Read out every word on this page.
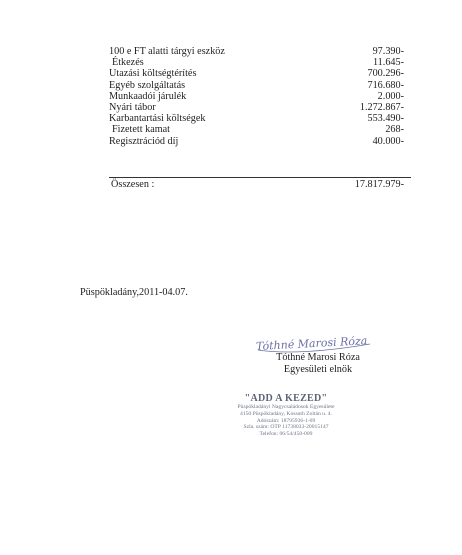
100 e FT alatti tárgyi eszköz	97.390-
Étkezés	11.645-
Utazási költségtérítés	700.296-
Egyéb szolgáltatás	716.680-
Munkaadói járulék	2.000-
Nyári tábor	1.272.867-
Karbantartási költségek	553.490-
Fizetett kamat	268-
Regisztrációd díj	40.000-
Összesen :	17.817.979-
Püspökladány,2011-04.07.
Tóthné Marosi Róza
Tóthné Marosi Róza
Egyesületi elnök
"ADD A KEZED"
Püspökladányi Nagycsaládosok Egyesülete
4150 Püspökladány, Kossuth Zoltán u. 4.
Adószám: 18795936-1-09
Szla. szám: OTP 11738033-20015147
Telefon: 06/54/450-009
